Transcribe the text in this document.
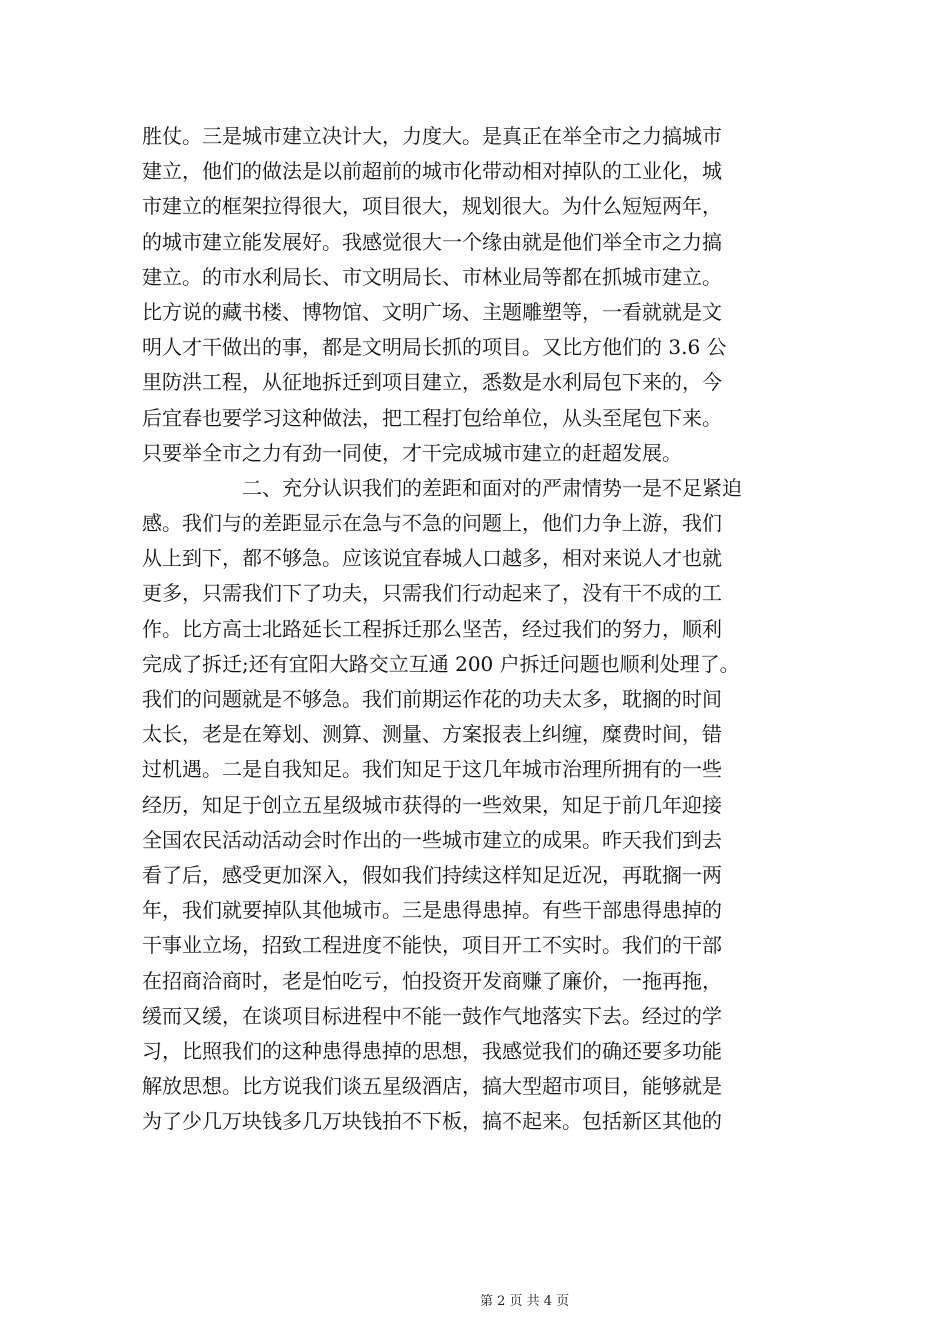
胜仗。三是城市建立决计大，力度大。是真正在举全市之力搞城市
建立，他们的做法是以前超前的城市化带动相对掉队的工业化，城
市建立的框架拉得很大，项目很大，规划很大。为什么短短两年，
的城市建立能发展好。我感觉很大一个缘由就是他们举全市之力搞
建立。的市水利局长、市文明局长、市林业局等都在抓城市建立。
比方说的藏书楼、博物馆、文明广场、主题雕塑等，一看就就是文
明人才干做出的事，都是文明局长抓的项目。又比方他们的 3.6 公
里防洪工程，从征地拆迁到项目建立，悉数是水利局包下来的，今
后宜春也要学习这种做法，把工程打包给单位，从头至尾包下来。
只要举全市之力有劲一同使，才干完成城市建立的赶超发展。
二、充分认识我们的差距和面对的严肃情势一是不足紧迫
感。我们与的差距显示在急与不急的问题上，他们力争上游，我们
从上到下，都不够急。应该说宜春城人口越多，相对来说人才也就
更多，只需我们下了功夫，只需我们行动起来了，没有干不成的工
作。比方高士北路延长工程拆迁那么坚苦，经过我们的努力，顺利
完成了拆迁;还有宜阳大路交立互通 200 户拆迁问题也顺利处理了。
我们的问题就是不够急。我们前期运作花的功夫太多，耽搁的时间
太长，老是在筹划、测算、测量、方案报表上纠缠，糜费时间，错
过机遇。二是自我知足。我们知足于这几年城市治理所拥有的一些
经历，知足于创立五星级城市获得的一些效果，知足于前几年迎接
全国农民活动活动会时作出的一些城市建立的成果。昨天我们到去
看了后，感受更加深入，假如我们持续这样知足近况，再耽搁一两
年，我们就要掉队其他城市。三是患得患掉。有些干部患得患掉的
干事业立场，招致工程进度不能快，项目开工不实时。我们的干部
在招商洽商时，老是怕吃亏，怕投资开发商赚了廉价，一拖再拖，
缓而又缓，在谈项目标进程中不能一鼓作气地落实下去。经过的学
习，比照我们的这种患得患掉的思想，我感觉我们的确还要多功能
解放思想。比方说我们谈五星级酒店，搞大型超市项目，能够就是
为了少几万块钱多几万块钱拍不下板，搞不起来。包括新区其他的
第 2 页 共 4 页
